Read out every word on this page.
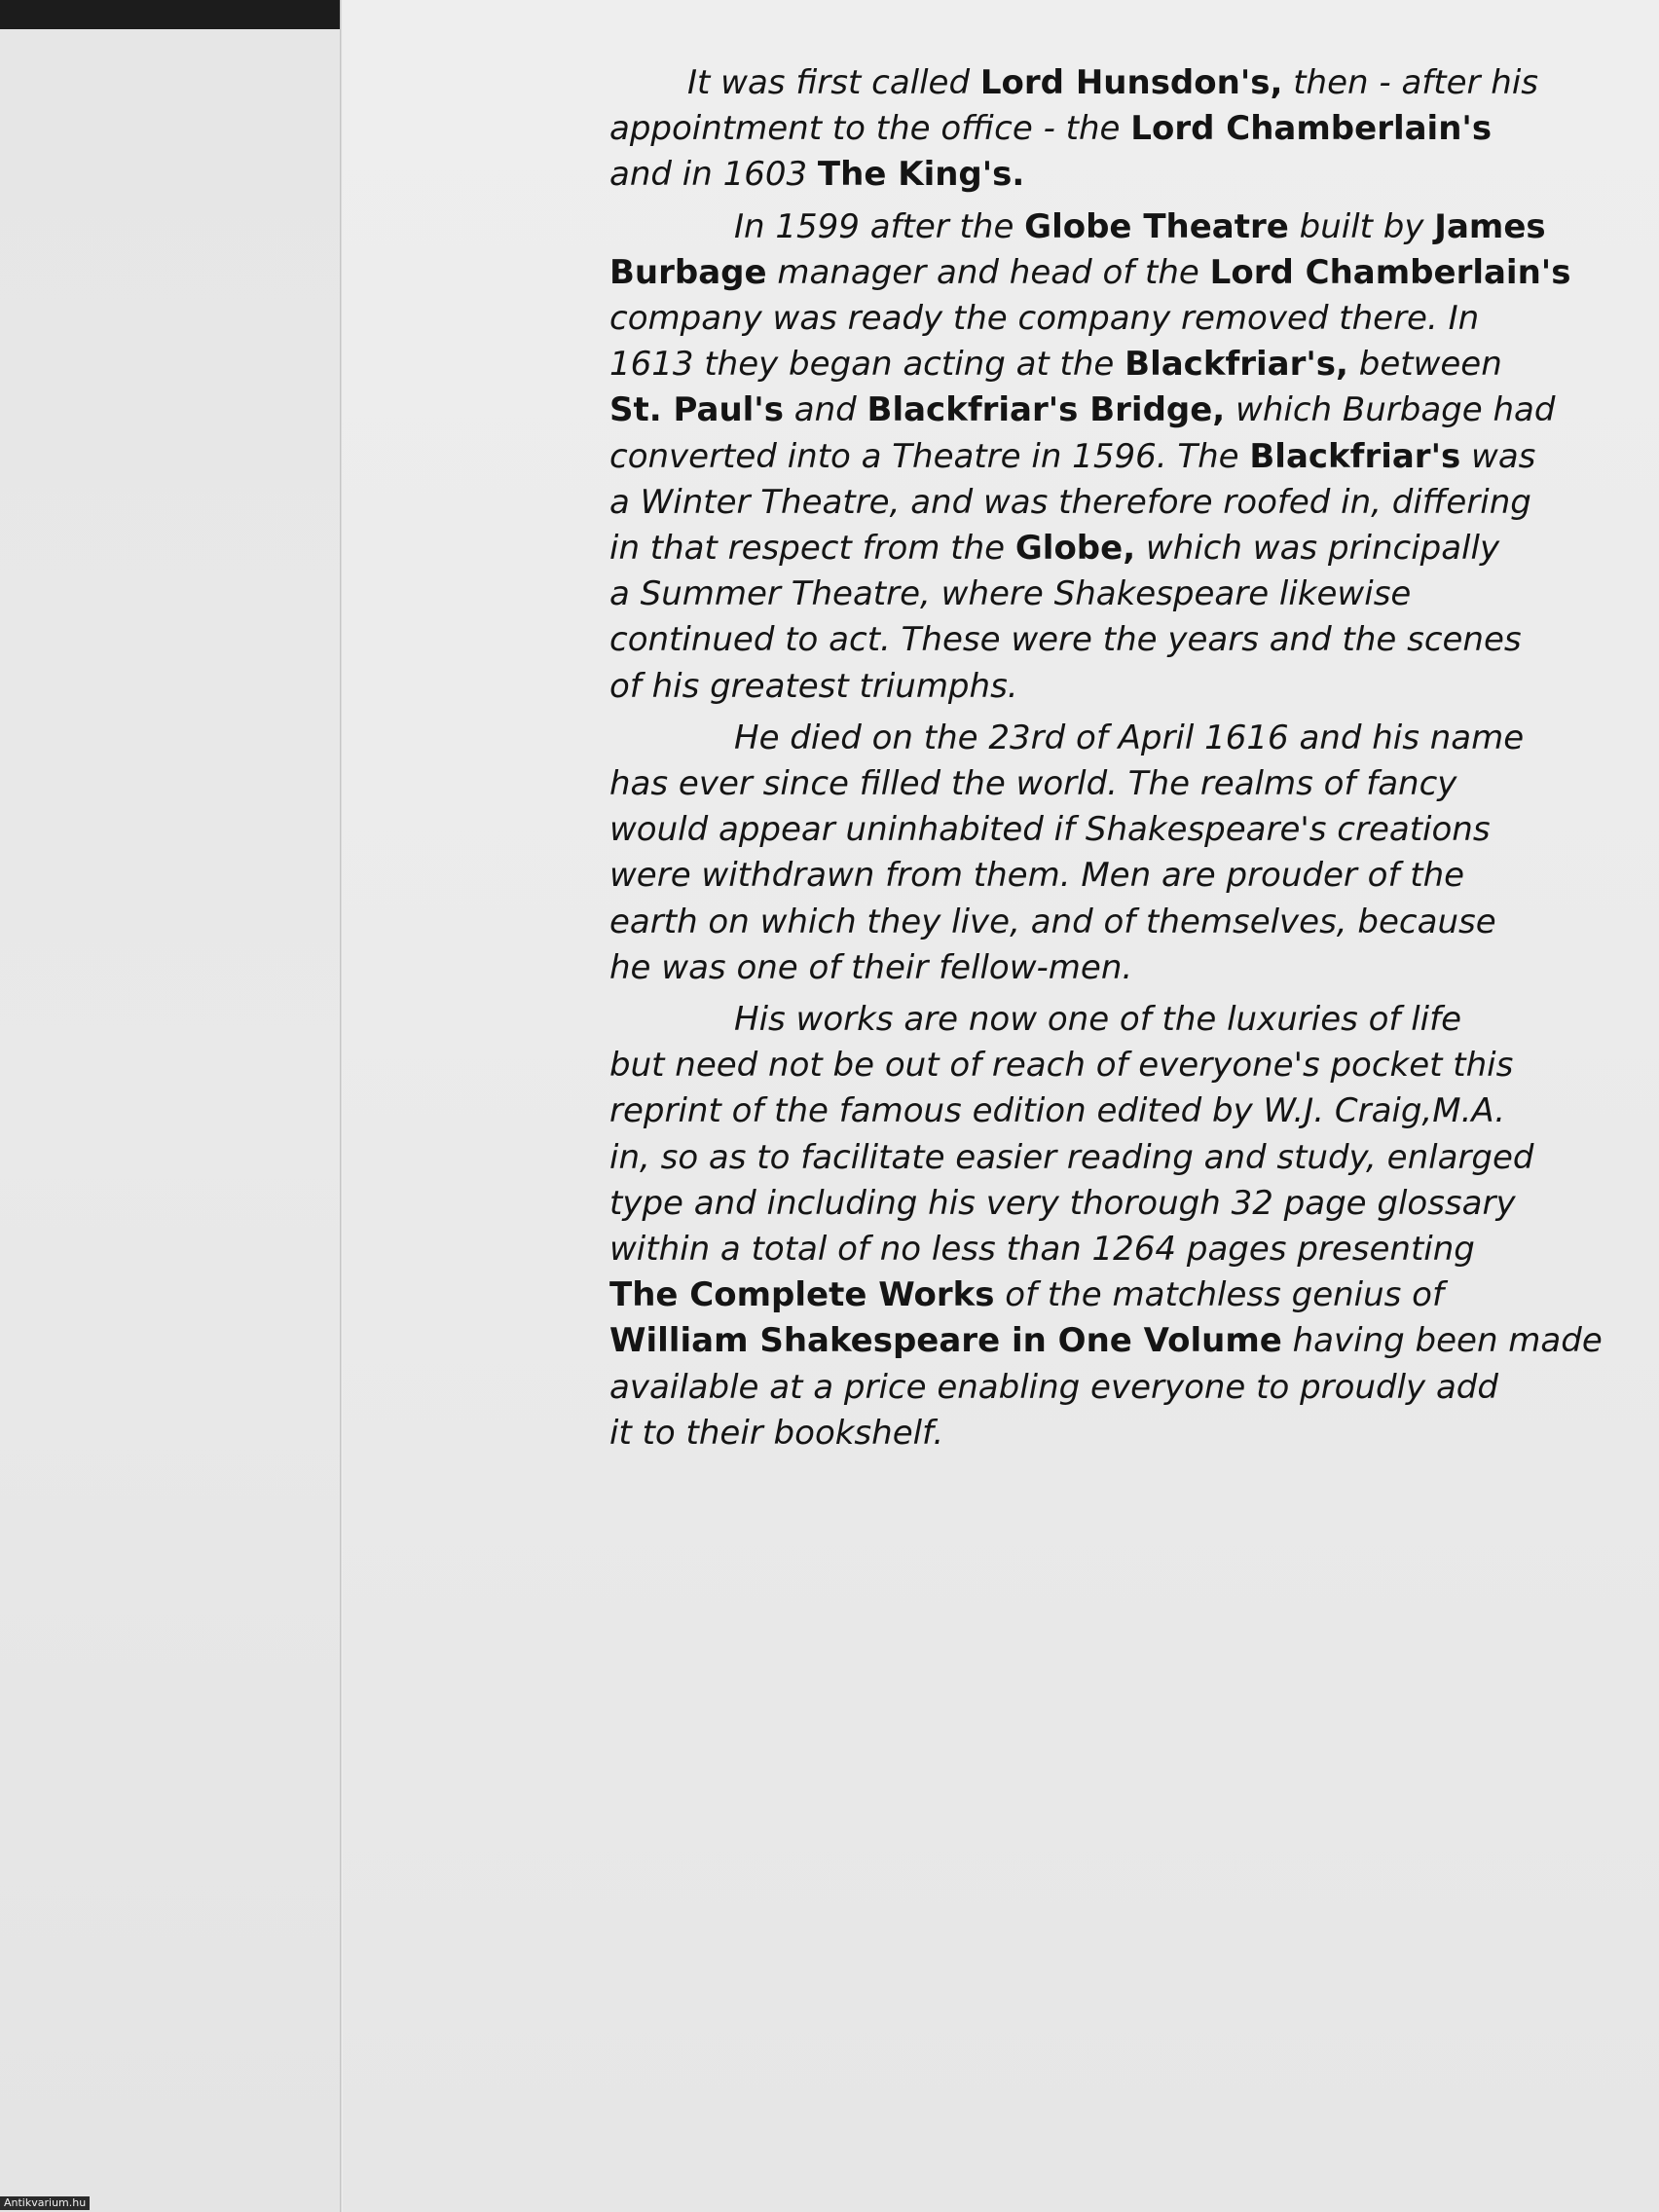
It was first called Lord Hunsdon's, then - after his
appointment to the office - the Lord Chamberlain's
and in 1603 The King's.
In 1599 after the Globe Theatre built by James
Burbage manager and head of the Lord Chamberlain's
company was ready the company removed there. In
1613 they began acting at the Blackfriar's, between
St. Paul's and Blackfriar's Bridge, which Burbage had
converted into a Theatre in 1596. The Blackfriar's was
a Winter Theatre, and was therefore roofed in, differing
in that respect from the Globe, which was principally
a Summer Theatre, where Shakespeare likewise
continued to act. These were the years and the scenes
of his greatest triumphs.
He died on the 23rd of April 1616 and his name
has ever since filled the world. The realms of fancy
would appear uninhabited if Shakespeare's creations
were withdrawn from them. Men are prouder of the
earth on which they live, and of themselves, because
he was one of their fellow-men.
His works are now one of the luxuries of life
but need not be out of reach of everyone's pocket this
reprint of the famous edition edited by W.J. Craig,M.A.
in, so as to facilitate easier reading and study, enlarged
type and including his very thorough 32 page glossary
within a total of no less than 1264 pages presenting
The Complete Works of the matchless genius of
William Shakespeare in One Volume having been made
available at a price enabling everyone to proudly add
it to their bookshelf.
Antikvarium.hu
